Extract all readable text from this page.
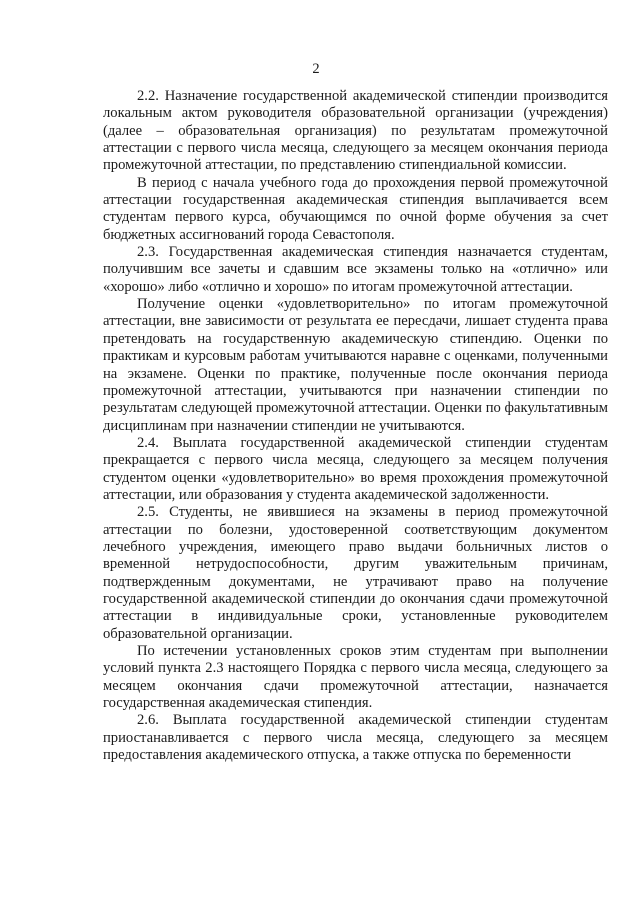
2

2.2. Назначение государственной академической стипендии производится локальным актом руководителя образовательной организации (учреждения) (далее – образовательная организация) по результатам промежуточной аттестации с первого числа месяца, следующего за месяцем окончания периода промежуточной аттестации, по представлению стипендиальной комиссии.

В период с начала учебного года до прохождения первой промежуточной аттестации государственная академическая стипендия выплачивается всем студентам первого курса, обучающимся по очной форме обучения за счет бюджетных ассигнований города Севастополя.

2.3. Государственная академическая стипендия назначается студентам, получившим все зачеты и сдавшим все экзамены только на «отлично» или «хорошо» либо «отлично и хорошо» по итогам промежуточной аттестации.

Получение оценки «удовлетворительно» по итогам промежуточной аттестации, вне зависимости от результата ее пересдачи, лишает студента права претендовать на государственную академическую стипендию. Оценки по практикам и курсовым работам учитываются наравне с оценками, полученными на экзамене. Оценки по практике, полученные после окончания периода промежуточной аттестации, учитываются при назначении стипендии по результатам следующей промежуточной аттестации. Оценки по факультативным дисциплинам при назначении стипендии не учитываются.

2.4. Выплата государственной академической стипендии студентам прекращается с первого числа месяца, следующего за месяцем получения студентом оценки «удовлетворительно» во время прохождения промежуточной аттестации, или образования у студента академической задолженности.

2.5. Студенты, не явившиеся на экзамены в период промежуточной аттестации по болезни, удостоверенной соответствующим документом лечебного учреждения, имеющего право выдачи больничных листов о временной нетрудоспособности, другим уважительным причинам, подтвержденным документами, не утрачивают право на получение государственной академической стипендии до окончания сдачи промежуточной аттестации в индивидуальные сроки, установленные руководителем образовательной организации.

По истечении установленных сроков этим студентам при выполнении условий пункта 2.3 настоящего Порядка с первого числа месяца, следующего за месяцем окончания сдачи промежуточной аттестации, назначается государственная академическая стипендия.

2.6. Выплата государственной академической стипендии студентам приостанавливается с первого числа месяца, следующего за месяцем предоставления академического отпуска, а также отпуска по беременности
